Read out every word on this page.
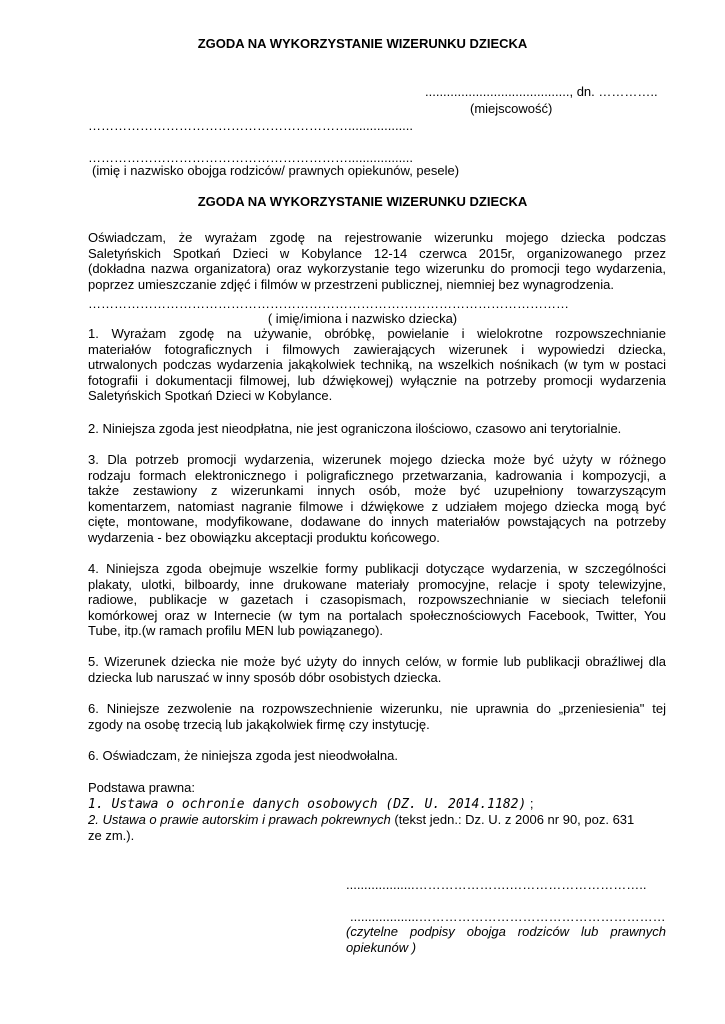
ZGODA NA WYKORZYSTANIE WIZERUNKU DZIECKA
........................................, dn. …………..
(miejscowość)
……………………………………………………..................
……………………………………………………..................
(imię i nazwisko obojga rodziców/ prawnych opiekunów, pesele)
ZGODA NA WYKORZYSTANIE WIZERUNKU DZIECKA
Oświadczam, że wyrażam zgodę na rejestrowanie wizerunku mojego dziecka podczas
Saletyńskich Spotkań Dzieci w Kobylance 12-14 czerwca 2015r, organizowanego przez
(dokładna nazwa organizatora) oraz wykorzystanie tego wizerunku do promocji tego wydarzenia,
poprzez umieszczanie zdjęć i filmów w przestrzeni publicznej, niemniej bez wynagrodzenia.
…………………………………………………………………………………………………
( imię/imiona i nazwisko dziecka)
1. Wyrażam zgodę na używanie, obróbkę, powielanie i wielokrotne rozpowszechnianie
materiałów fotograficznych i filmowych zawierających wizerunek i wypowiedzi dziecka,
utrwalonych podczas wydarzenia jakąkolwiek techniką, na wszelkich nośnikach (w tym w postaci
fotografii i dokumentacji filmowej, lub dźwiękowej) wyłącznie na potrzeby promocji wydarzenia
Saletyńskich Spotkań Dzieci w Kobylance.
2. Niniejsza zgoda jest nieodpłatna, nie jest ograniczona ilościowo, czasowo ani terytorialnie.
3. Dla potrzeb promocji wydarzenia, wizerunek mojego dziecka może być użyty w różnego
rodzaju formach elektronicznego i poligraficznego przetwarzania, kadrowania i kompozycji, a
także zestawiony z wizerunkami innych osób, może być uzupełniony towarzyszącym
komentarzem, natomiast nagranie filmowe i dźwiękowe z udziałem mojego dziecka mogą być
cięte, montowane, modyfikowane, dodawane do innych materiałów powstających na potrzeby
wydarzenia - bez obowiązku akceptacji produktu końcowego.
4. Niniejsza zgoda obejmuje wszelkie formy publikacji dotyczące wydarzenia, w szczególności
plakaty, ulotki, bilboardy, inne drukowane materiały promocyjne, relacje i spoty telewizyjne,
radiowe, publikacje w gazetach i czasopismach, rozpowszechnianie w sieciach telefonii
komórkowej oraz w Internecie (w tym na portalach społecznościowych Facebook, Twitter, You
Tube, itp.(w ramach profilu MEN lub powiązanego).
5. Wizerunek dziecka nie może być użyty do innych celów, w formie lub publikacji obraźliwej dla
dziecka lub naruszać w inny sposób dóbr osobistych dziecka.
6. Niniejsze zezwolenie na rozpowszechnienie wizerunku, nie uprawnia do „przeniesienia" tej
zgody na osobę trzecią lub jakąkolwiek firmę czy instytucję.
6. Oświadczam, że niniejsza zgoda jest nieodwołalna.
Podstawa prawna:
1. Ustawa o ochronie danych osobowych (DZ. U. 2014.1182) ;
2. Ustawa o prawie autorskim i prawach pokrewnych (tekst jedn.: Dz. U. z 2006 nr 90, poz. 631
ze zm.).
...................………………….…………………………..
...................…………………………………………………
(czytelne podpisy obojga rodziców lub prawnych
opiekunów )
